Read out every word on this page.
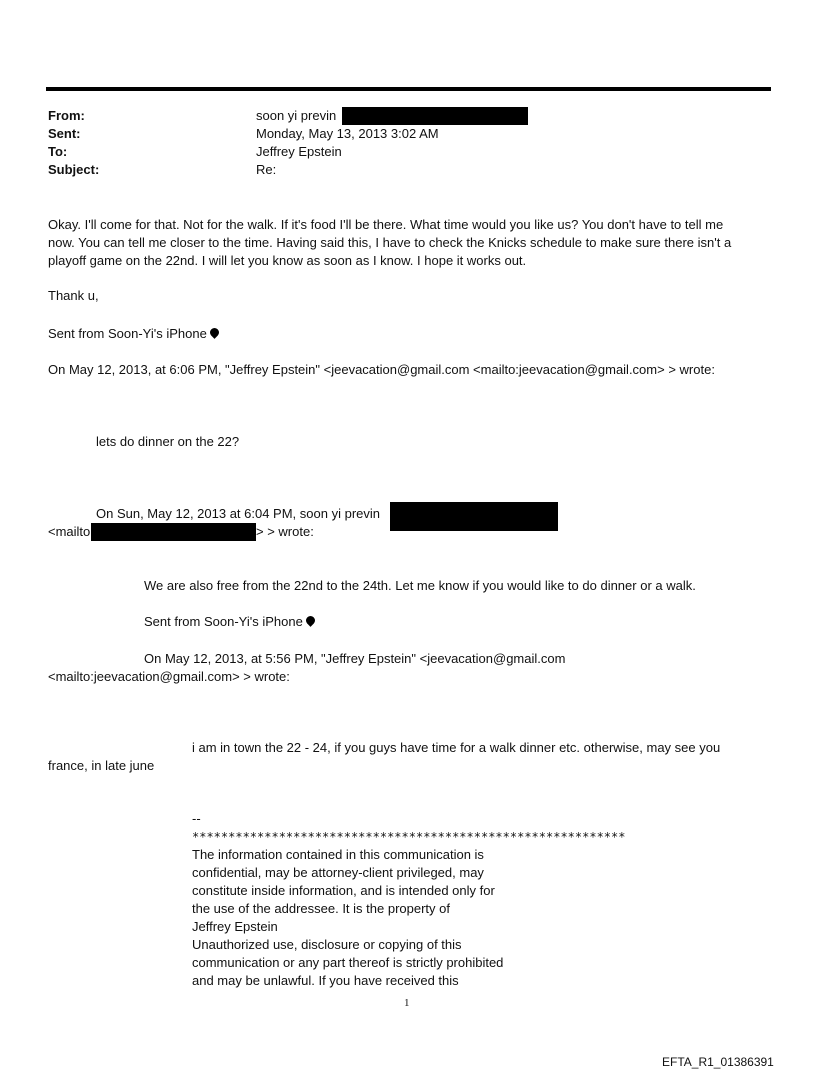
From:	soon yi previn
Sent:	Monday, May 13, 2013 3:02 AM
To:	Jeffrey Epstein
Subject:	Re:
Okay. I'll come for that. Not for the walk. If it's food I'll be there. What time would you like us? You don't have to tell me
now. You can tell me closer to the time. Having said this, I have to check the Knicks schedule to make sure there isn't a
playoff game on the 22nd. I will let you know as soon as I know. I hope it works out.
Thank u,
Sent from Soon-Yi's iPhone
On May 12, 2013, at 6:06 PM, "Jeffrey Epstein" <jeevacation@gmail.com <mailto:jeevacation@gmail.com> > wrote:
lets do dinner on the 22?
On Sun, May 12, 2013 at 6:04 PM, soon yi previn
<mailto	> > wrote:
We are also free from the 22nd to the 24th. Let me know if you would like to do dinner or a walk.
Sent from Soon-Yi's iPhone
On May 12, 2013, at 5:56 PM, "Jeffrey Epstein" <jeevacation@gmail.com
<mailto:jeevacation@gmail.com> > wrote:
i am in town the 22 - 24, if you guys have time for a walk dinner etc. otherwise, may see you
france, in late june
--
************************************************************
The information contained in this communication is
confidential, may be attorney-client privileged, may
constitute inside information, and is intended only for
the use of the addressee. It is the property of
Jeffrey Epstein
Unauthorized use, disclosure or copying of this
communication or any part thereof is strictly prohibited
and may be unlawful. If you have received this
1
EFTA_R1_01386391
